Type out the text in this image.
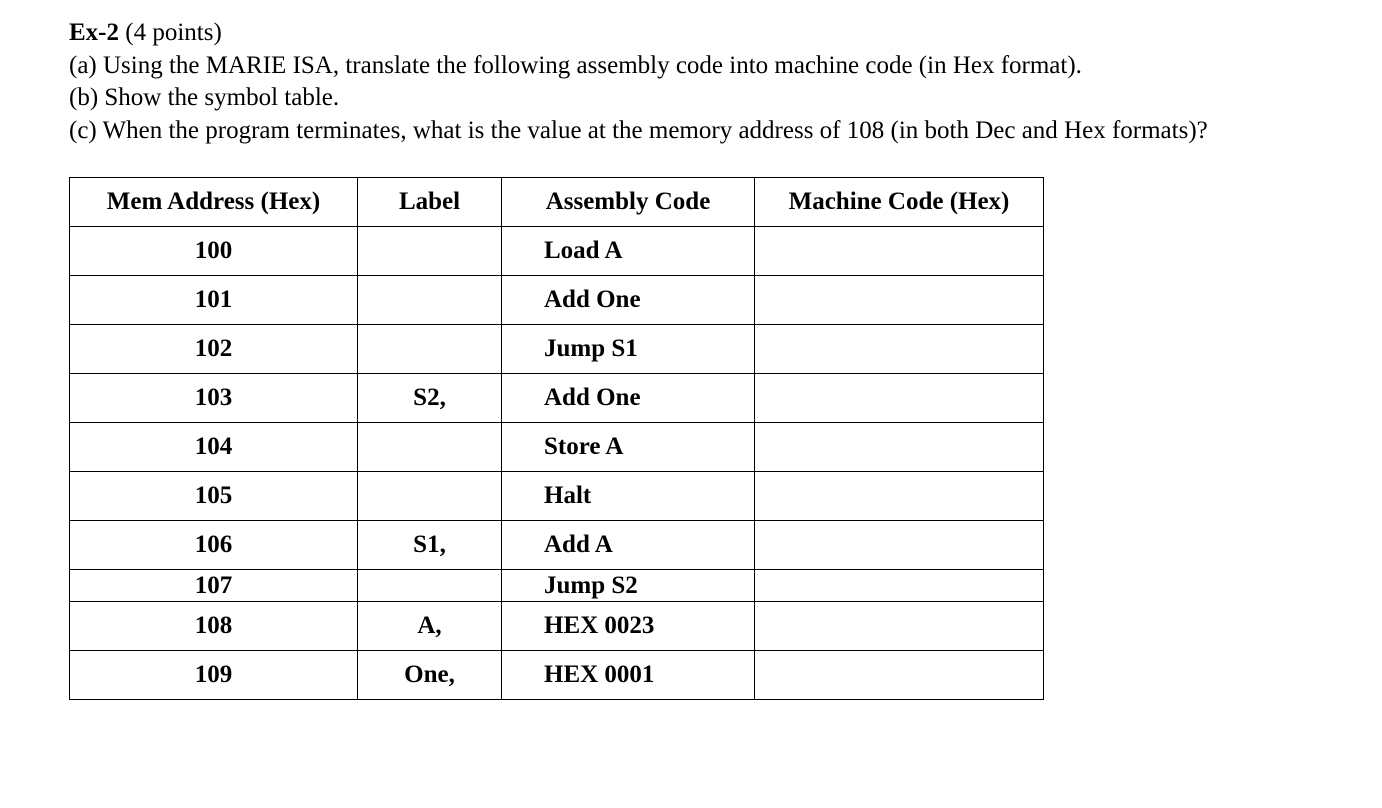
Ex-2 (4 points)

(a) Using the MARIE ISA, translate the following assembly code into machine code (in Hex format).

(b) Show the symbol table.

(c) When the program terminates, what is the value at the memory address of 108 (in both Dec and Hex formats)?

Mem Address (Hex)	Label	Assembly Code	Machine Code (Hex)
100		Load A	
101		Add One	
102		Jump S1	
103	S2,	Add One	
104		Store A	
105		Halt	
106	S1,	Add A	
107		Jump S2	
108	A,	HEX 0023	
109	One,	HEX 0001	
